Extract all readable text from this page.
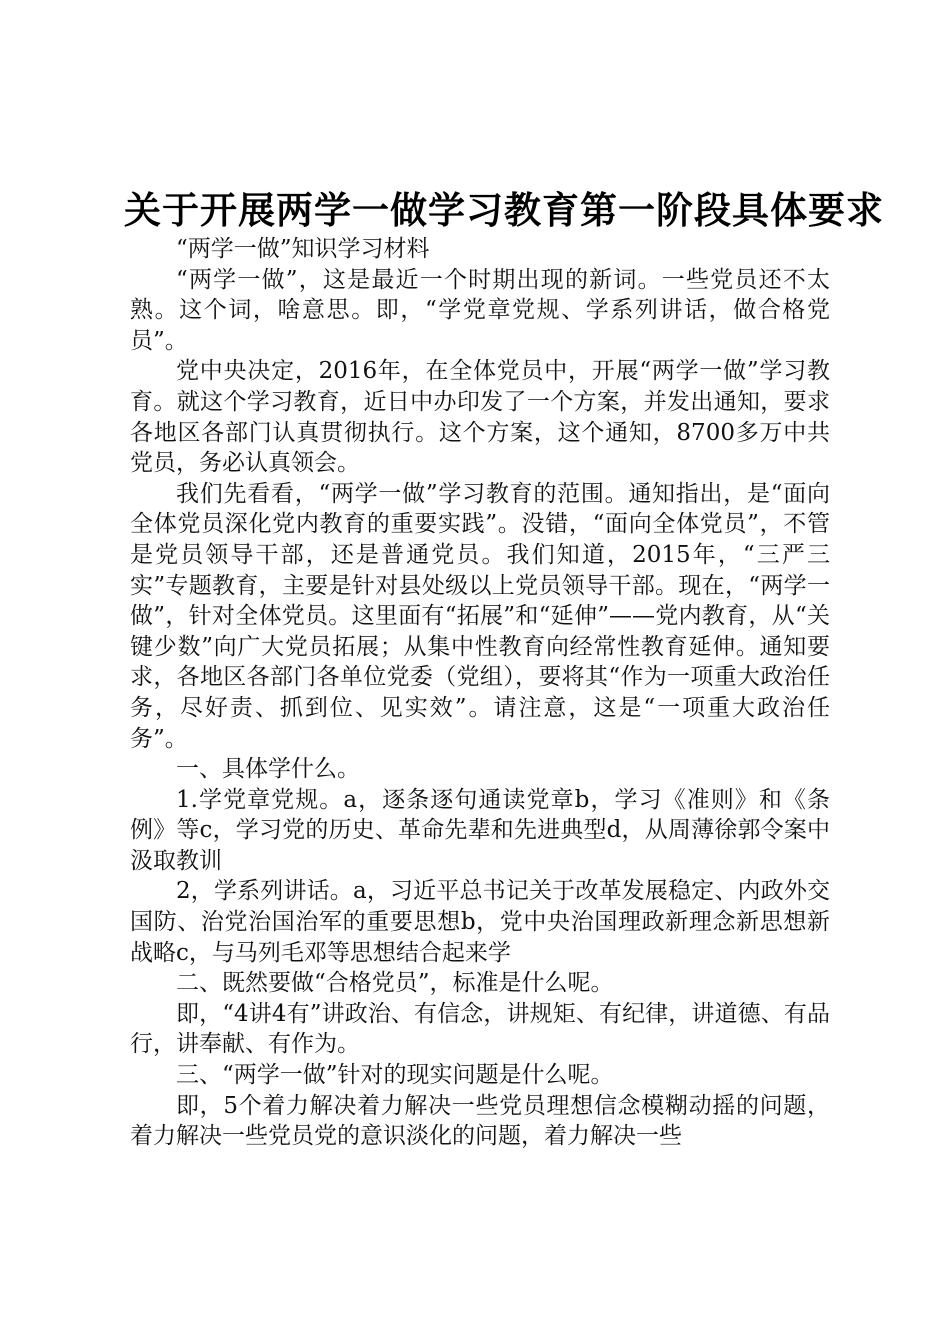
关于开展两学一做学习教育第一阶段具体要求

“两学一做”知识学习材料

“两学一做”，这是最近一个时期出现的新词。一些党员还不太熟。这个词，啥意思。即，“学党章党规、学系列讲话，做合格党员”。

党中央决定，2016年，在全体党员中，开展“两学一做”学习教育。就这个学习教育，近日中办印发了一个方案，并发出通知，要求各地区各部门认真贯彻执行。这个方案，这个通知，8700多万中共党员，务必认真领会。

我们先看看，“两学一做”学习教育的范围。通知指出，是“面向全体党员深化党内教育的重要实践”。没错，“面向全体党员”，不管是党员领导干部，还是普通党员。我们知道，2015年，“三严三实”专题教育，主要是针对县处级以上党员领导干部。现在，“两学一做”，针对全体党员。这里面有“拓展”和“延伸”——党内教育，从“关键少数”向广大党员拓展；从集中性教育向经常性教育延伸。通知要求，各地区各部门各单位党委（党组），要将其“作为一项重大政治任务，尽好责、抓到位、见实效”。请注意，这是“一项重大政治任务”。

一、具体学什么。

1.学党章党规。a，逐条逐句通读党章b，学习《准则》和《条例》等c，学习党的历史、革命先辈和先进典型d，从周薄徐郭令案中汲取教训

2，学系列讲话。a，习近平总书记关于改革发展稳定、内政外交国防、治党治国治军的重要思想b，党中央治国理政新理念新思想新战略c，与马列毛邓等思想结合起来学

二、既然要做“合格党员”，标准是什么呢。

即，“4讲4有”讲政治、有信念，讲规矩、有纪律，讲道德、有品行，讲奉献、有作为。

三、“两学一做”针对的现实问题是什么呢。

即，5个着力解决着力解决一些党员理想信念模糊动摇的问题，着力解决一些党员党的意识淡化的问题，着力解决一些
